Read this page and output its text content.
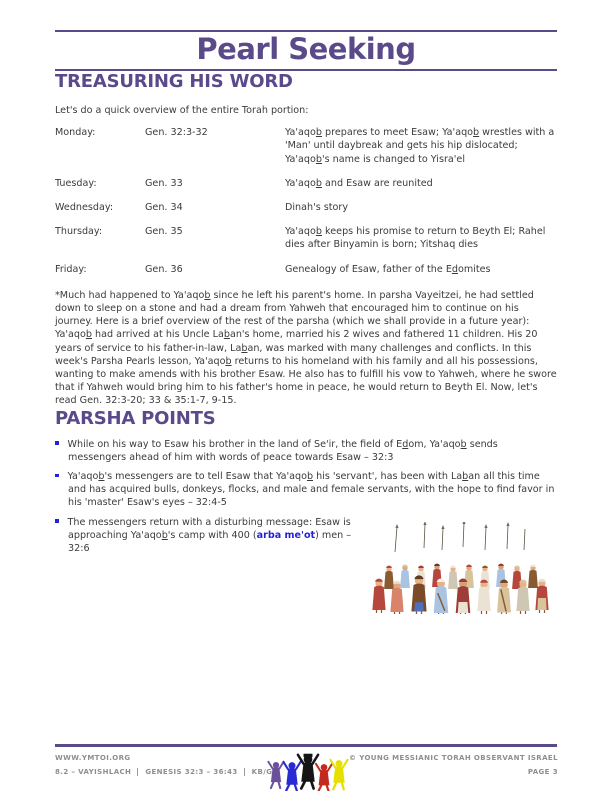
Pearl Seeking
TREASURING HIS WORD

Let's do a quick overview of the entire Torah portion:

Monday:	Gen. 32:3-32	Ya'aqob prepares to meet Esaw; Ya'aqob wrestles with a 'Man' until daybreak and gets his hip dislocated; Ya'aqob's name is changed to Yisra'el
Tuesday:	Gen. 33	Ya'aqob and Esaw are reunited
Wednesday:	Gen. 34	Dinah's story
Thursday:	Gen. 35	Ya'aqob keeps his promise to return to Beyth El; Rahel dies after Binyamin is born; Yitshaq dies
Friday:	Gen. 36	Genealogy of Esaw, father of the Edomites

*Much had happened to Ya'aqob since he left his parent's home. In parsha Vayeitzei, he had settled down to sleep on a stone and had a dream from Yahweh that encouraged him to continue on his journey. Here is a brief overview of the rest of the parsha (which we shall provide in a future year): Ya'aqob had arrived at his Uncle Laban's home, married his 2 wives and fathered 11 children. His 20 years of service to his father-in-law, Laban, was marked with many challenges and conflicts. In this week's Parsha Pearls lesson, Ya'aqob returns to his homeland with his family and all his possessions, wanting to make amends with his brother Esaw. He also has to fulfill his vow to Yahweh, where he swore that if Yahweh would bring him to his father's home in peace, he would return to Beyth El. Now, let's read Gen. 32:3-20; 33 & 35:1-7, 9-15.

PARSHA POINTS
While on his way to Esaw his brother in the land of Se'ir, the field of Edom, Ya'aqob sends messengers ahead of him with words of peace towards Esaw – 32:3
Ya'aqob's messengers are to tell Esaw that Ya'aqob his 'servant', has been with Laban all this time and has acquired bulls, donkeys, flocks, and male and female servants, with the hope to find favor in his 'master' Esaw's eyes – 32:4-5
The messengers return with a disturbing message: Esaw is approaching Ya'aqob's camp with 400 (arba me'ot) men – 32:6
WWW.YMTOI.ORG
8.2 – VAYISHLACH GENESIS 32:3 – 36:43 KB/G
© YOUNG MESSIANIC TORAH OBSERVANT ISRAEL
PAGE 3
